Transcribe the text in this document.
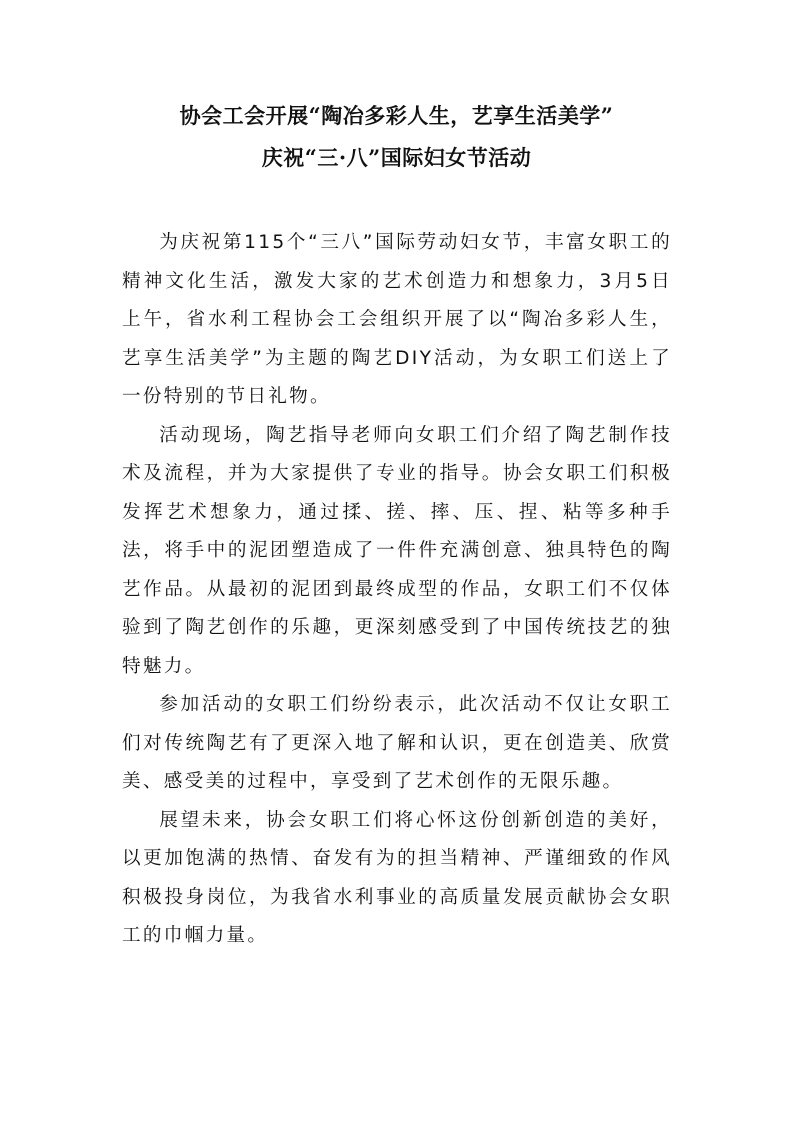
协会工会开展“陶冶多彩人生，艺享生活美学”
庆祝“三·八”国际妇女节活动

为庆祝第115个“三八”国际劳动妇女节，丰富女职工的精神文化生活，激发大家的艺术创造力和想象力，3月5日上午，省水利工程协会工会组织开展了以“陶冶多彩人生，艺享生活美学”为主题的陶艺DIY活动，为女职工们送上了一份特别的节日礼物。

活动现场，陶艺指导老师向女职工们介绍了陶艺制作技术及流程，并为大家提供了专业的指导。协会女职工们积极发挥艺术想象力，通过揉、搓、摔、压、捏、粘等多种手法，将手中的泥团塑造成了一件件充满创意、独具特色的陶艺作品。从最初的泥团到最终成型的作品，女职工们不仅体验到了陶艺创作的乐趣，更深刻感受到了中国传统技艺的独特魅力。

参加活动的女职工们纷纷表示，此次活动不仅让女职工们对传统陶艺有了更深入地了解和认识，更在创造美、欣赏美、感受美的过程中，享受到了艺术创作的无限乐趣。

展望未来，协会女职工们将心怀这份创新创造的美好，以更加饱满的热情、奋发有为的担当精神、严谨细致的作风积极投身岗位，为我省水利事业的高质量发展贡献协会女职工的巾帼力量。
